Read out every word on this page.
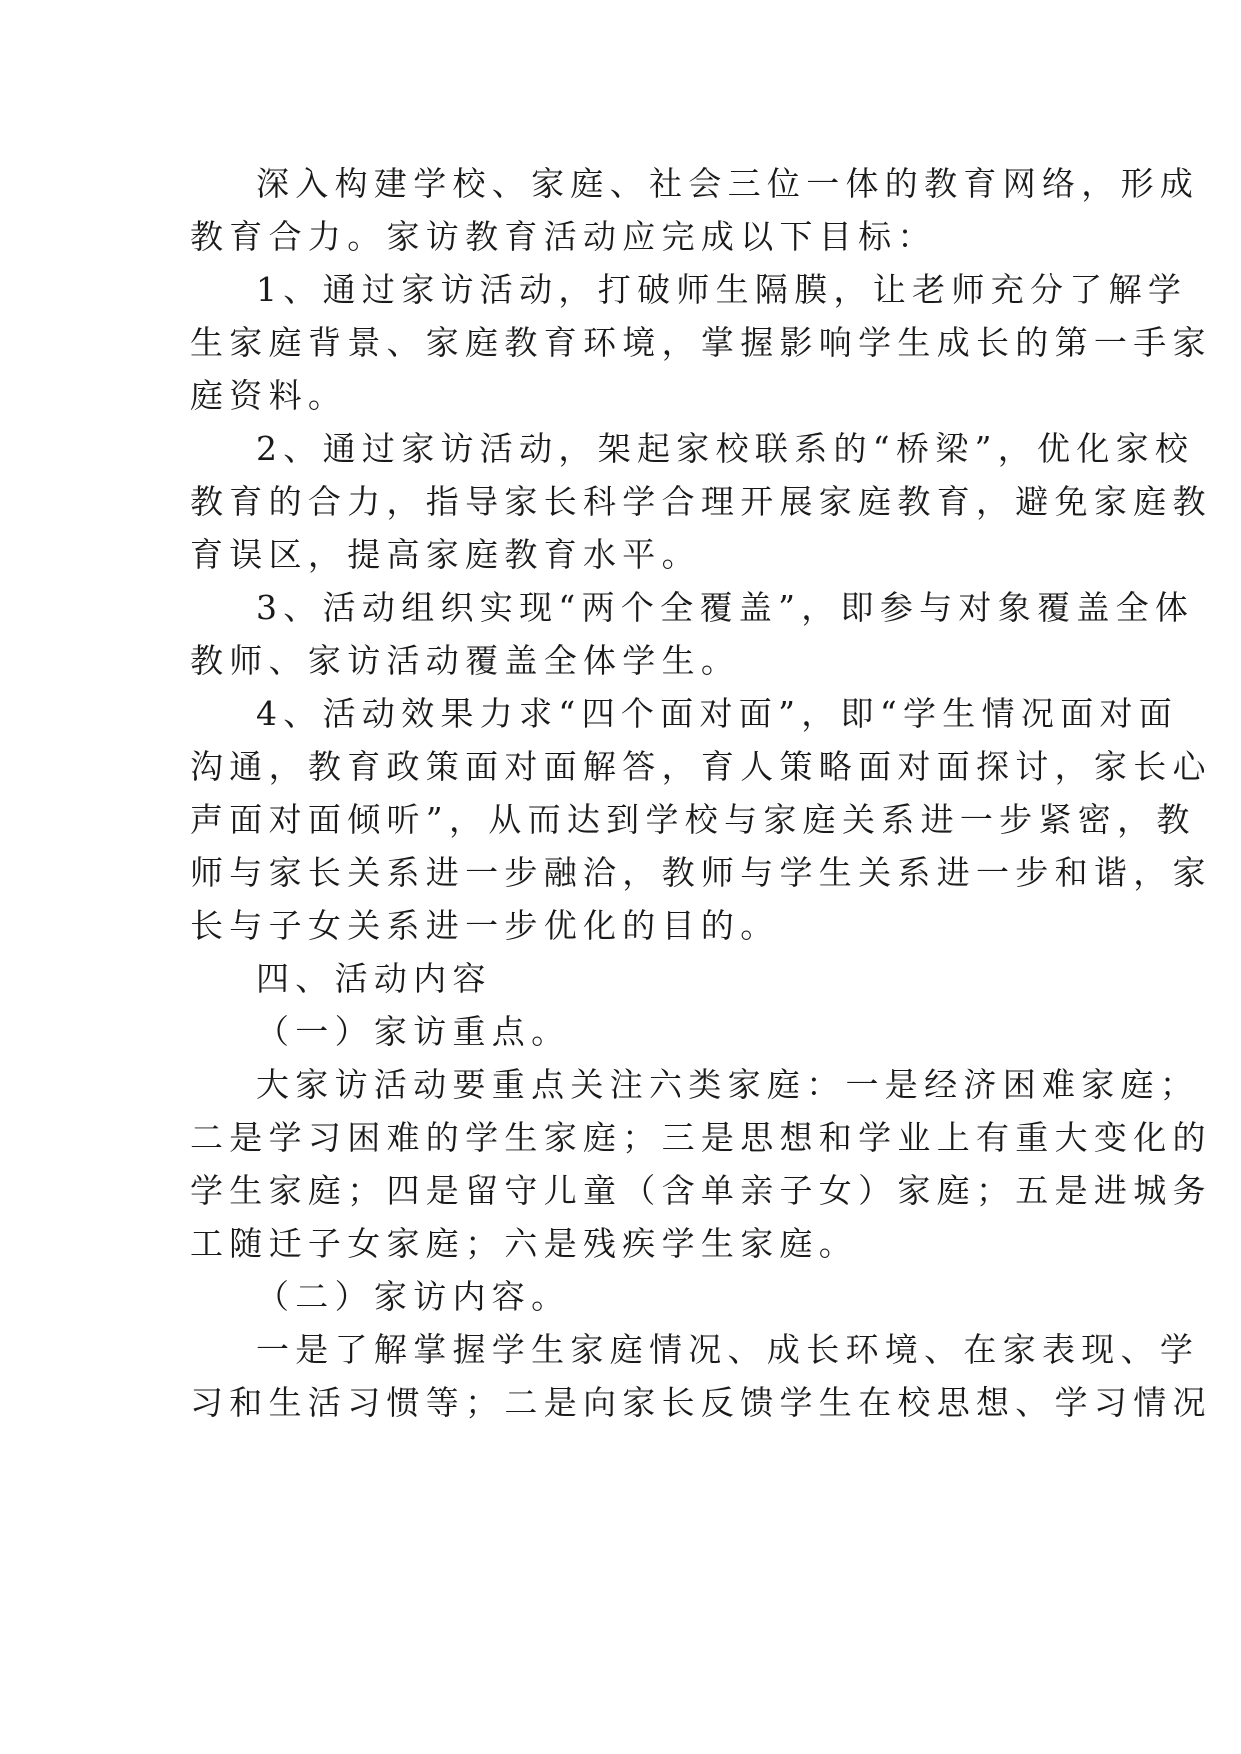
深入构建学校、家庭、社会三位一体的教育网络，形成
教育合力。家访教育活动应完成以下目标：
1、通过家访活动，打破师生隔膜，让老师充分了解学
生家庭背景、家庭教育环境，掌握影响学生成长的第一手家
庭资料。
2、通过家访活动，架起家校联系的“桥梁”，优化家校
教育的合力，指导家长科学合理开展家庭教育，避免家庭教
育误区，提高家庭教育水平。
3、活动组织实现“两个全覆盖”，即参与对象覆盖全体
教师、家访活动覆盖全体学生。
4、活动效果力求“四个面对面”，即“学生情况面对面
沟通，教育政策面对面解答，育人策略面对面探讨，家长心
声面对面倾听”，从而达到学校与家庭关系进一步紧密，教
师与家长关系进一步融洽，教师与学生关系进一步和谐，家
长与子女关系进一步优化的目的。
四、活动内容
（一）家访重点。
大家访活动要重点关注六类家庭：一是经济困难家庭；
二是学习困难的学生家庭；三是思想和学业上有重大变化的
学生家庭；四是留守儿童（含单亲子女）家庭；五是进城务
工随迁子女家庭；六是残疾学生家庭。
（二）家访内容。
一是了解掌握学生家庭情况、成长环境、在家表现、学
习和生活习惯等；二是向家长反馈学生在校思想、学习情况
